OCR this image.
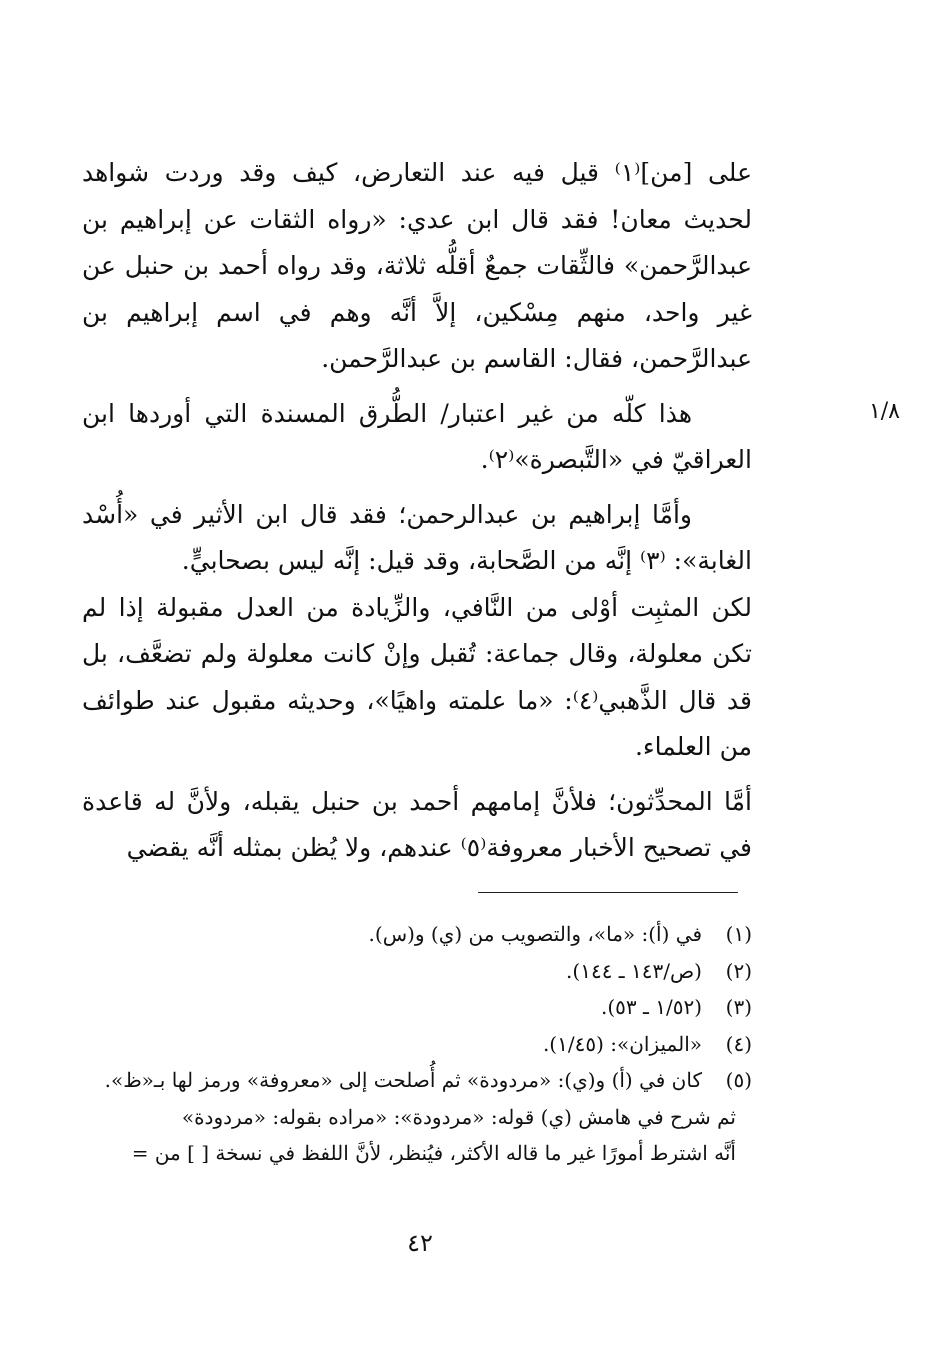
١/٨

على [من]⁽١⁾ قيل فيه عند التعارض، كيف وقد وردت شواهد لحديث معان! فقد قال ابن عدي: «رواه الثقات عن إبراهيم بن عبدالرَّحمن» فالثِّقات جمعٌ أقلُّه ثلاثة، وقد رواه أحمد بن حنبل عن غير واحد، منهم مِسْكين، إلاَّ أنَّه وهم في اسم إبراهيم بن عبدالرَّحمن، فقال: القاسم بن عبدالرَّحمن.

هذا كلّه من غير اعتبار/ الطُّرق المسندة التي أوردها ابن العراقيّ في «التَّبصرة»⁽٢⁾.

وأمَّا إبراهيم بن عبدالرحمن؛ فقد قال ابن الأثير في «أُسْد الغابة»: ⁽٣⁾ إنَّه من الصَّحابة، وقد قيل: إنَّه ليس بصحابيٍّ.

لكن المثبِت أوْلى من النَّافي، والزِّيادة من العدل مقبولة إذا لم تكن معلولة، وقال جماعة: تُقبل وإنْ كانت معلولة ولم تضعَّف، بل قد قال الذَّهبي⁽٤⁾: «ما علمته واهيًا»، وحديثه مقبول عند طوائف من العلماء.

أمَّا المحدِّثون؛ فلأنَّ إمامهم أحمد بن حنبل يقبله، ولأنَّ له قاعدة في تصحيح الأخبار معروفة⁽٥⁾ عندهم، ولا يُظن بمثله أنَّه يقضي

(١)
في (أ): «ما»، والتصويب من (ي) و(س).
(٢)
(ص/١٤٣ ـ ١٤٤).
(٣)
(١/٥٢ ـ ٥٣).
(٤)
«الميزان»: (١/٤٥).
(٥)
كان في (أ) و(ي): «مردودة» ثم أُصلحت إلى «معروفة» ورمز لها بـ«ظ».
ثم شرح في هامش (ي) قوله: «مردودة»: «مراده بقوله: «مردودة»
أنَّه اشترط أمورًا غير ما قاله الأكثر، فيُنظر، لأنَّ اللفظ في نسخة [ ] من =
٤٢
